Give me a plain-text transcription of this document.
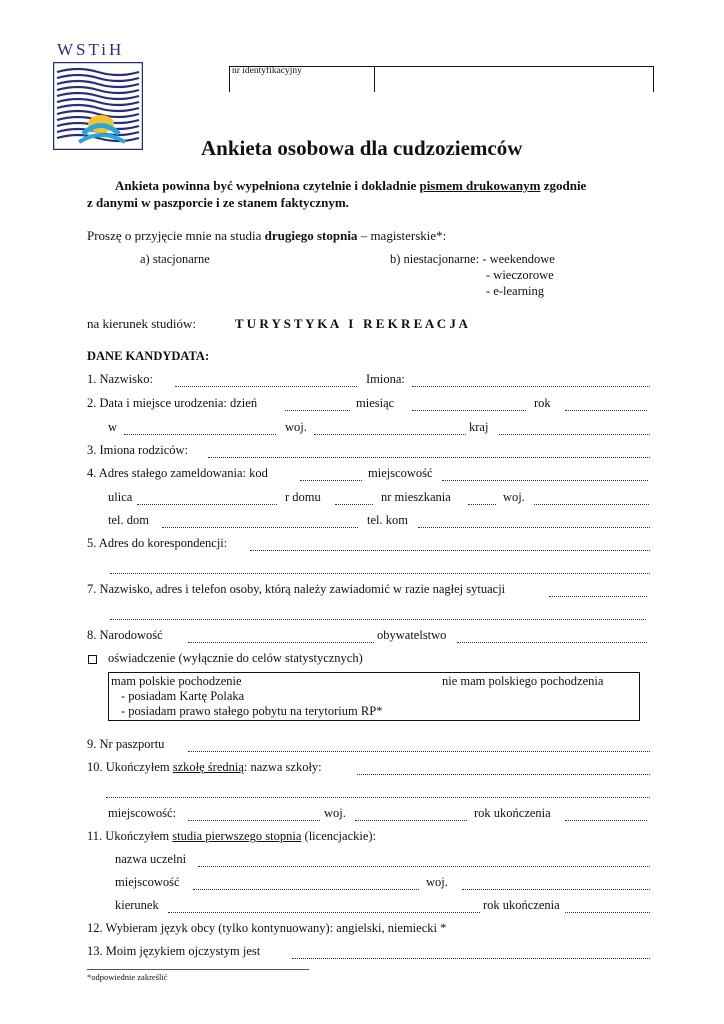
WSTiH
nr identyfikacyjny
Ankieta osobowa dla cudzoziemców
Ankieta powinna być wypełniona czytelnie i dokładnie pismem drukowanym zgodnie
z danymi w paszporcie i ze stanem faktycznym.
Proszę o przyjęcie mnie na studia drugiego stopnia – magisterskie*:
a) stacjonarne	b) niestacjonarne: - weekendowe
- wieczorowe
- e-learning
na kierunek studiów:	T U R Y S T Y K A   I   R E K R E A C J A
DANE KANDYDATA:
1. Nazwisko:	Imiona:
2. Data i miejsce urodzenia: dzień	miesiąc	rok
w	woj.	kraj
3. Imiona rodziców:
4. Adres stałego zameldowania: kod	miejscowość
ulica	r domu	nr mieszkania	woj.
tel. dom	tel. kom
5. Adres do korespondencji:
7. Nazwisko, adres i telefon osoby, którą należy zawiadomić w razie nagłej sytuacji
8. Narodowość	obywatelstwo
oświadczenie (wyłącznie do celów statystycznych)
mam polskie pochodzenie	nie mam polskiego pochodzenia
- posiadam Kartę Polaka
- posiadam prawo stałego pobytu na terytorium RP*
9. Nr paszportu
10. Ukończyłem szkołę średnią: nazwa szkoły:
miejscowość:	woj.	rok ukończenia
11. Ukończyłem studia pierwszego stopnia (licencjackie):
nazwa uczelni
miejscowość	woj.
kierunek	rok ukończenia
12. Wybieram język obcy (tylko kontynuowany): angielski, niemiecki *
13. Moim językiem ojczystym jest
*odpowiednie zakreślić
